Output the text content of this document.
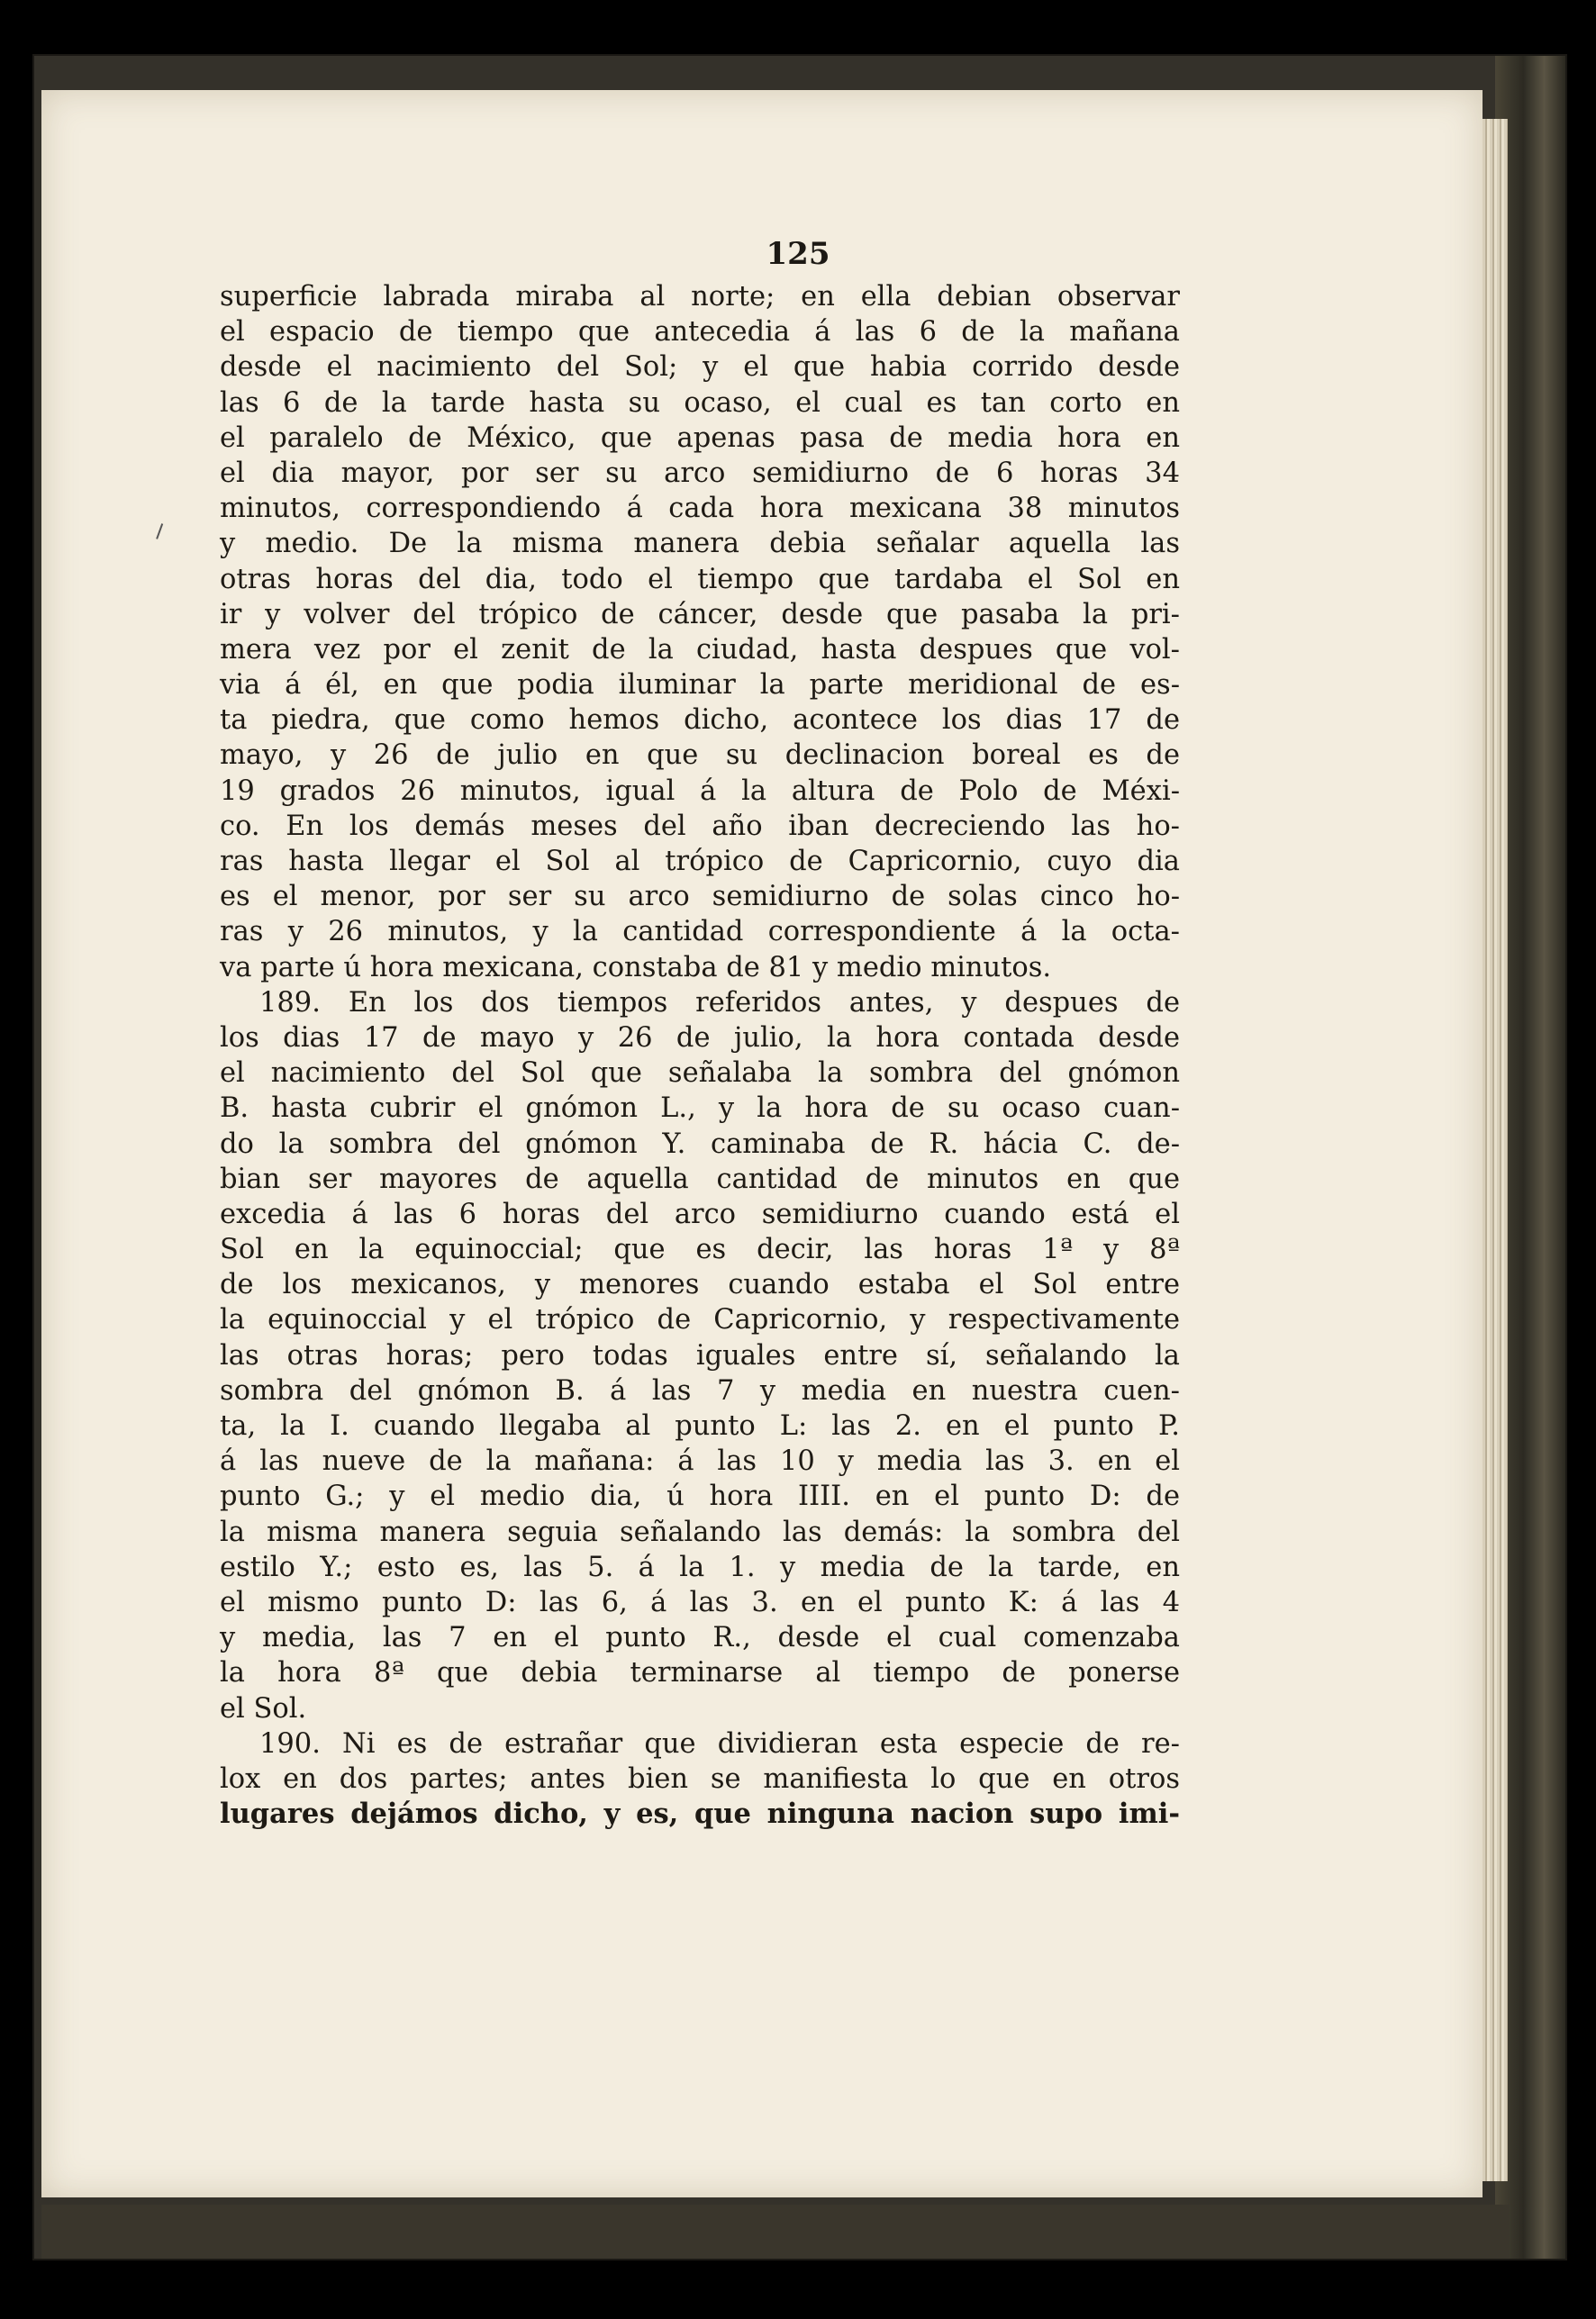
125
superficie labrada miraba al norte; en ella debian observar
el espacio de tiempo que antecedia á las 6 de la mañana
desde el nacimiento del Sol; y el que habia corrido desde
las 6 de la tarde hasta su ocaso, el cual es tan corto en
el paralelo de México, que apenas pasa de media hora en
el dia mayor, por ser su arco semidiurno de 6 horas 34
minutos, correspondiendo á cada hora mexicana 38 minutos
y medio. De la misma manera debia señalar aquella las
otras horas del dia, todo el tiempo que tardaba el Sol en
ir y volver del trópico de cáncer, desde que pasaba la pri-
mera vez por el zenit de la ciudad, hasta despues que vol-
via á él, en que podia iluminar la parte meridional de es-
ta piedra, que como hemos dicho, acontece los dias 17 de
mayo, y 26 de julio en que su declinacion boreal es de
19 grados 26 minutos, igual á la altura de Polo de Méxi-
co. En los demás meses del año iban decreciendo las ho-
ras hasta llegar el Sol al trópico de Capricornio, cuyo dia
es el menor, por ser su arco semidiurno de solas cinco ho-
ras y 26 minutos, y la cantidad correspondiente á la octa-
va parte ú hora mexicana, constaba de 81 y medio minutos.
189. En los dos tiempos referidos antes, y despues de
los dias 17 de mayo y 26 de julio, la hora contada desde
el nacimiento del Sol que señalaba la sombra del gnómon
B. hasta cubrir el gnómon L., y la hora de su ocaso cuan-
do la sombra del gnómon Y. caminaba de R. hácia C. de-
bian ser mayores de aquella cantidad de minutos en que
excedia á las 6 horas del arco semidiurno cuando está el
Sol en la equinoccial; que es decir, las horas 1ª y 8ª
de los mexicanos, y menores cuando estaba el Sol entre
la equinoccial y el trópico de Capricornio, y respectivamente
las otras horas; pero todas iguales entre sí, señalando la
sombra del gnómon B. á las 7 y media en nuestra cuen-
ta, la I. cuando llegaba al punto L: las 2. en el punto P.
á las nueve de la mañana: á las 10 y media las 3. en el
punto G.; y el medio dia, ú hora IIII. en el punto D: de
la misma manera seguia señalando las demás: la sombra del
estilo Y.; esto es, las 5. á la 1. y media de la tarde, en
el mismo punto D: las 6, á las 3. en el punto K: á las 4
y media, las 7 en el punto R., desde el cual comenzaba
la hora 8ª que debia terminarse al tiempo de ponerse
el Sol.
190. Ni es de estrañar que dividieran esta especie de re-
lox en dos partes; antes bien se manifiesta lo que en otros
lugares dejámos dicho, y es, que ninguna nacion supo imi-
